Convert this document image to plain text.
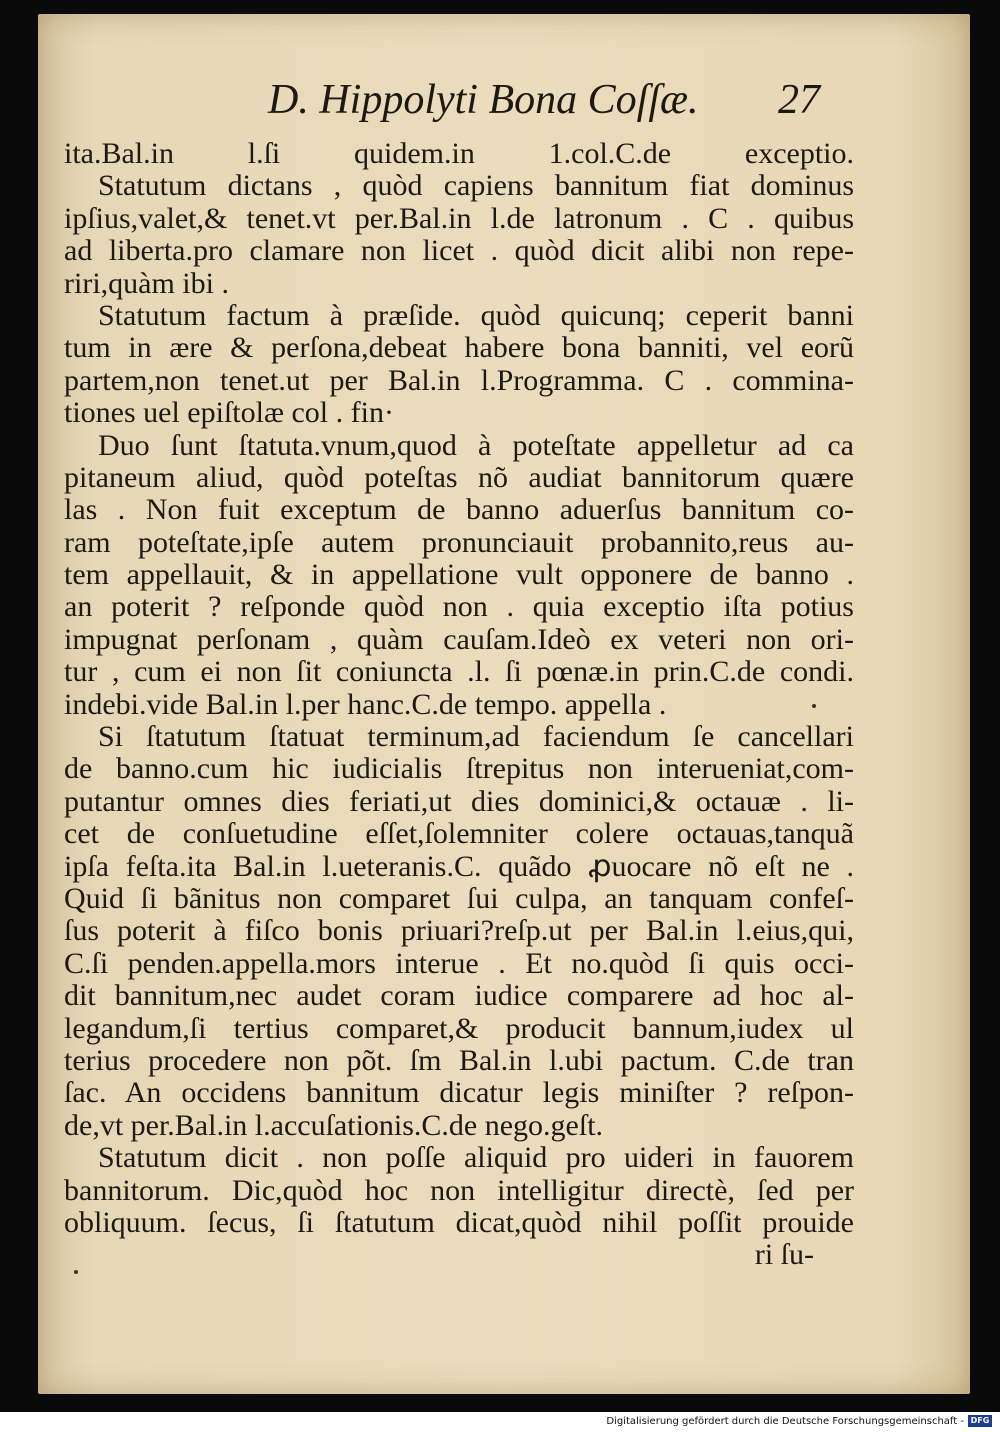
D. Hippolyti Bona Coſſæ. 27
ita.Bal.in l.ſi quidem.in 1.col.C.de exceptio.
Statutum dictans , quòd capiens bannitum fiat dominus
ipſius,valet,& tenet.vt per.Bal.in l.de latronum . C . quibus
ad liberta.pro clamare non licet . quòd dicit alibi non repe-
riri,quàm ibi .
Statutum factum à præſide. quòd quicunq; ceperit banni
tum in ære & perſona,debeat habere bona banniti, vel eorũ
partem,non tenet.ut per Bal.in l.Programma. C . commina-
tiones uel epiſtolæ col . fin·
Duo ſunt ſtatuta.vnum,quod à poteſtate appelletur ad ca
pitaneum aliud, quòd poteſtas nõ audiat bannitorum quære
las . Non fuit exceptum de banno aduerſus bannitum co-
ram poteſtate,ipſe autem pronunciauit probannito,reus au-
tem appellauit, & in appellatione vult opponere de banno .
an poterit ? reſponde quòd non . quia exceptio iſta potius
impugnat perſonam , quàm cauſam.Ideò ex veteri non ori-
tur , cum ei non ſit coniuncta .l. ſi pœnæ.in prin.C.de condi.
indebi.vide Bal.in l.per hanc.C.de tempo. appella .
Si ſtatutum ſtatuat terminum,ad faciendum ſe cancellari
de banno.cum hic iudicialis ſtrepitus non interueniat,com-
putantur omnes dies feriati,ut dies dominici,& octauæ . li-
cet de conſuetudine eſſet,ſolemniter colere octauas,tanquã
ipſa feſta.ita Bal.in l.ueteranis.C. quãdo ꝓuocare nõ eſt ne .
Quid ſi bãnitus non comparet ſui culpa, an tanquam confeſ-
ſus poterit à fiſco bonis priuari?reſp.ut per Bal.in l.eius,qui,
C.ſi penden.appella.mors interue . Et no.quòd ſi quis occi-
dit bannitum,nec audet coram iudice comparere ad hoc al-
legandum,ſi tertius comparet,& producit bannum,iudex ul
terius procedere non põt. ſm Bal.in l.ubi pactum. C.de tran
ſac. An occidens bannitum dicatur legis miniſter ? reſpon-
de,vt per.Bal.in l.accuſationis.C.de nego.geſt.
Statutum dicit . non poſſe aliquid pro uideri in fauorem
bannitorum. Dic,quòd hoc non intelligitur directè, ſed per
obliquum. ſecus, ſi ſtatutum dicat,quòd nihil poſſit prouide
ri ſu-
Digitalisierung gefördert durch die Deutsche Forschungsgemeinschaft - DFG
